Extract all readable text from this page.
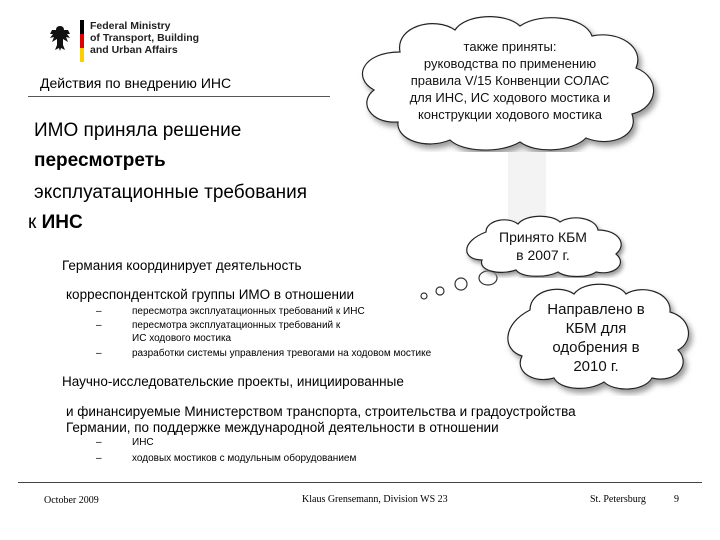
Federal Ministry
of Transport, Building
and Urban Affairs
Действия по внедрению ИНС
ИМО приняла решение
пересмотреть
эксплуатационные требования
к ИНС
также приняты:
руководства по применению
правила V/15 Конвенции СОЛАС
для ИНС, ИС ходового мостика и
конструкции ходового мостика
Принято КБМ
в 2007 г.
Направлено в
КБМ для
одобрения в
2010 г.
Германия координирует деятельность
корреспондентской группы ИМО в отношении
–	пересмотра эксплуатационных требований к ИНС
–	пересмотра эксплуатационных требований к
ИС ходового мостика
–	разработки системы управления тревогами на ходовом мостике
Научно-исследовательские проекты, инициированные
и финансируемые Министерством транспорта, строительства и градоустройства
Германии, по поддержке международной деятельности в отношении
–	ИНС
–	ходовых мостиков с модульным оборудованием
October 2009	Klaus Grensemann, Division WS 23	St. Petersburg	9
